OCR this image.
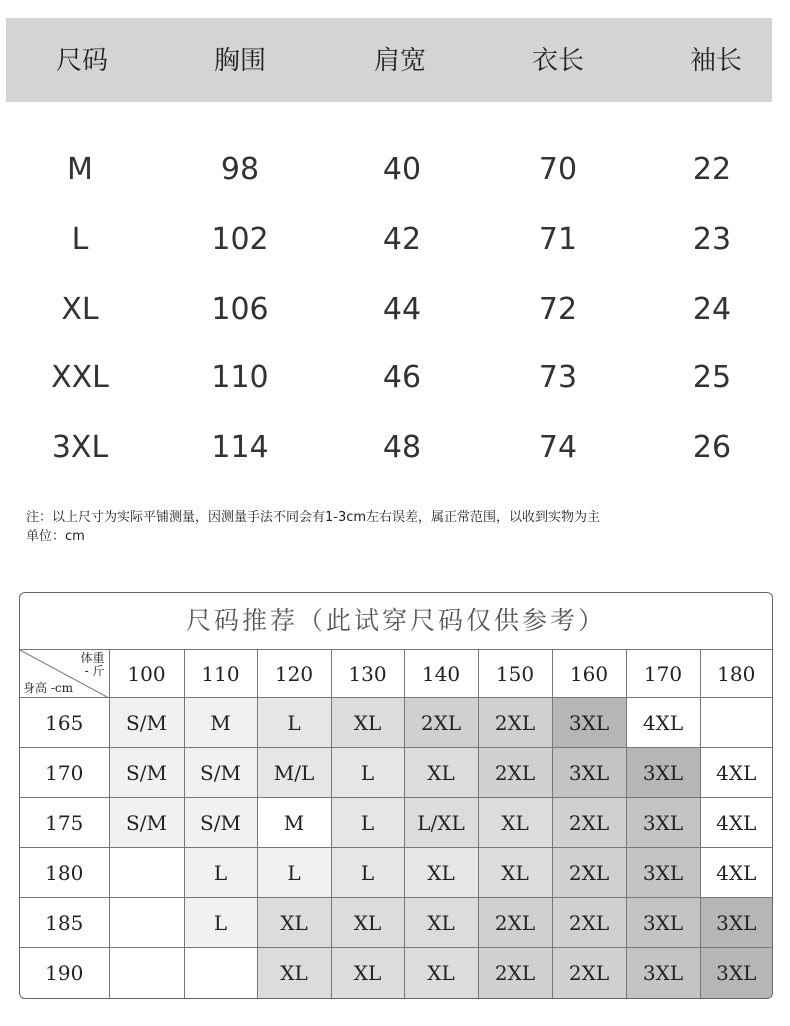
尺码	胸围	肩宽	衣长	袖长
M	98	40	70	22
L	102	42	71	23
XL	106	44	72	24
XXL	110	46	73	25
3XL	114	48	74	26
注：以上尺寸为实际平铺测量，因测量手法不同会有1-3cm左右误差，属正常范围，以收到实物为主
单位：cm
尺码推荐（此试穿尺码仅供参考）
体重
- 斤
身高 -cm	100	110	120	130	140	150	160	170	180
165	S/M	M	L	XL	2XL	2XL	3XL	4XL	
170	S/M	S/M	M/L	L	XL	2XL	3XL	3XL	4XL
175	S/M	S/M	M	L	L/XL	XL	2XL	3XL	4XL
180		L	L	L	XL	XL	2XL	3XL	4XL
185		L	XL	XL	XL	2XL	2XL	3XL	3XL
190			XL	XL	XL	2XL	2XL	3XL	3XL
